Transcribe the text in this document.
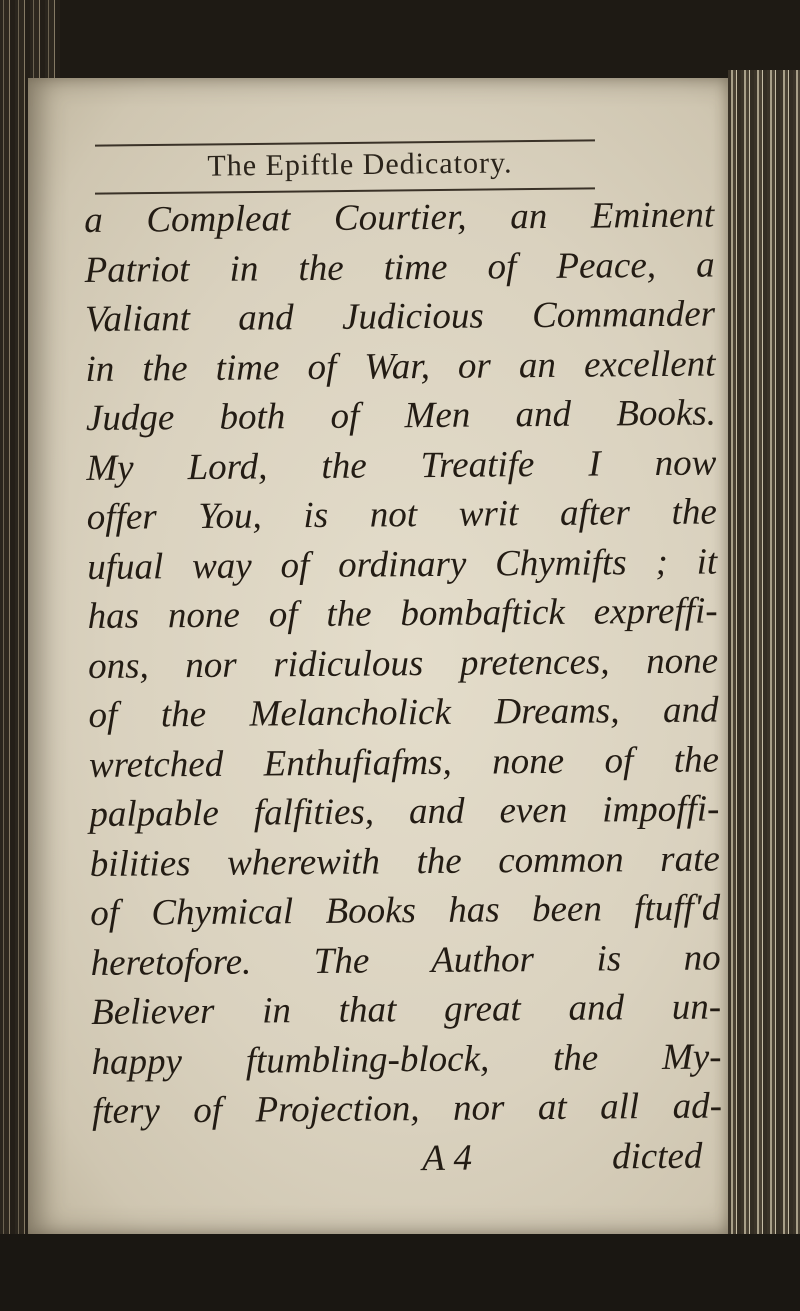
The Epiftle Dedicatory.
a Compleat Courtier, an Eminent
Patriot in the time of Peace, a
Valiant and Judicious Commander
in the time of War, or an excellent
Judge both of Men and Books.
My Lord, the Treatife I now
offer You, is not writ after the
ufual way of ordinary Chymifts ; it
has none of the bombaftick expreffi-
ons, nor ridiculous pretences, none
of the Melancholick Dreams, and
wretched Enthufiafms, none of the
palpable falfities, and even impoffi-
bilities wherewith the common rate
of Chymical Books has been ftuff'd
heretofore. The Author is no
Believer in that great and un-
happy ftumbling-block, the My-
ftery of Projection, nor at all ad-
A 4	dicted
